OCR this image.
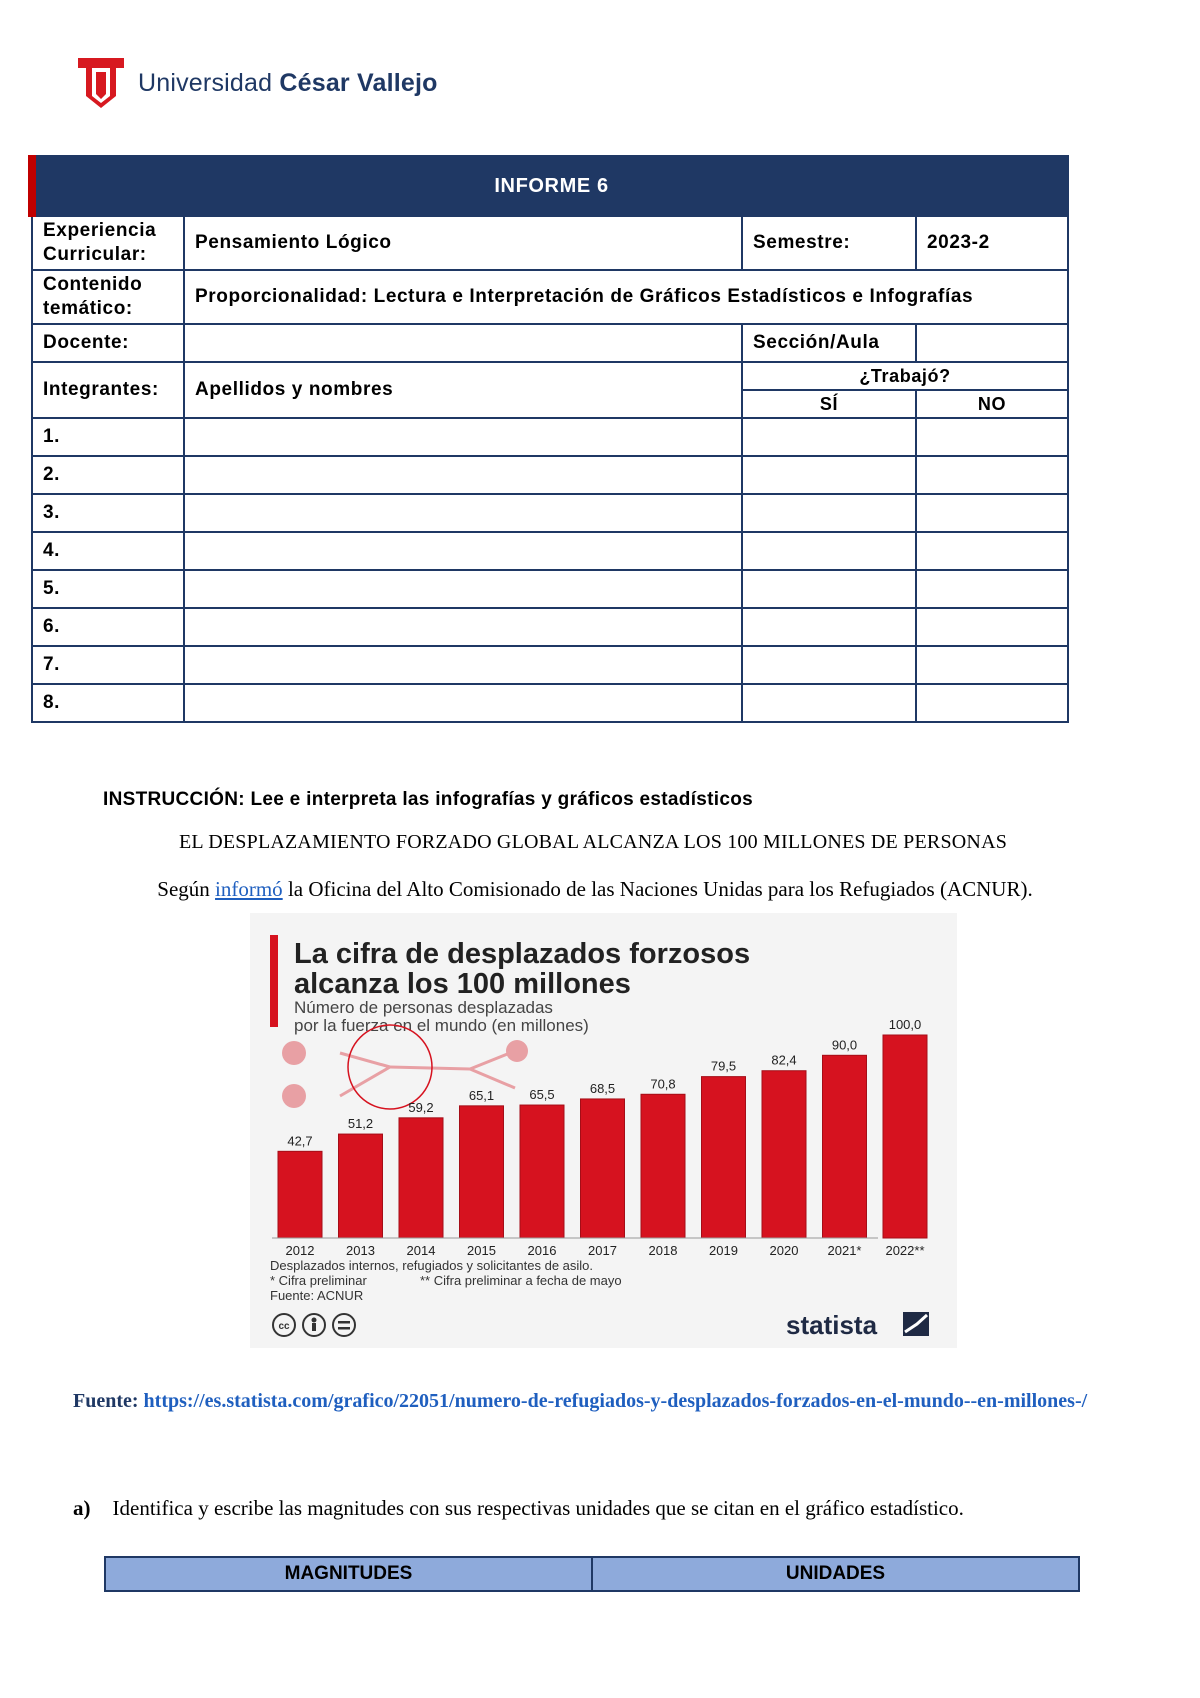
Universidad César Vallejo
INFORME 6			
Experiencia Curricular:	Pensamiento Lógico	Semestre:	2023-2
Contenido temático:	Proporcionalidad: Lectura e Interpretación de Gráficos Estadísticos e Infografías		
Docente:		Sección/Aula	
Integrantes:	Apellidos y nombres	¿Trabajó?	
		SÍ	NO
1.			
2.			
3.			
4.			
5.			
6.			
7.			
8.			
INSTRUCCIÓN: Lee e interpreta las infografías y gráficos estadísticos
EL DESPLAZAMIENTO FORZADO GLOBAL ALCANZA LOS 100 MILLONES DE PERSONAS
Según informó la Oficina del Alto Comisionado de las Naciones Unidas para los Refugiados (ACNUR).
La cifra de desplazados forzosos
alcanza los 100 millones
Número de personas desplazadas
por la fuerza en el mundo (en millones)
42,7
51,2
59,2
65,1	65,5	68,5	70,8
79,5	82,4
90,0
100,0
2012 2013 2014 2015 2016 2017 2018 2019 2020 2021* 2022**
Desplazados internos, refugiados y solicitantes de asilo.
* Cifra preliminar	** Cifra preliminar a fecha de mayo
Fuente: ACNUR
cc	statista
Fuente: https://es.statista.com/grafico/22051/numero-de-refugiados-y-desplazados-forzados-en-el-mundo--en-millones-/
a) Identifica y escribe las magnitudes con sus respectivas unidades que se citan en el gráfico estadístico.
MAGNITUDES	UNIDADES
